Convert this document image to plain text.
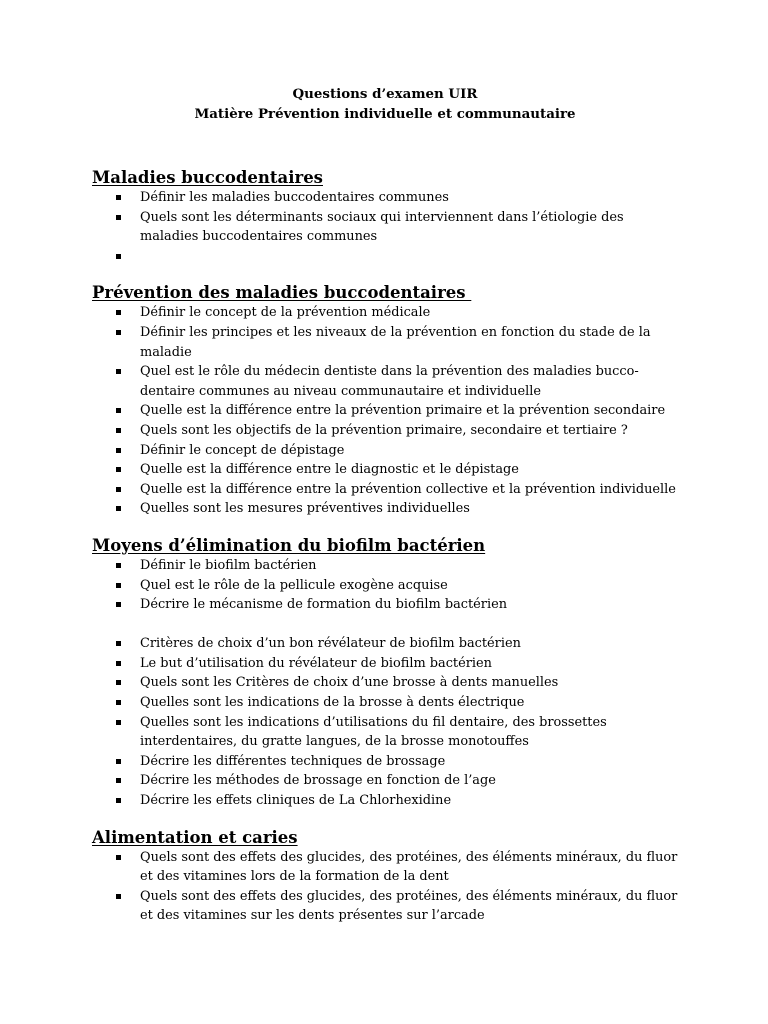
Questions d’examen UIR
Matière Prévention individuelle et communautaire
Maladies buccodentaires
Définir les maladies buccodentaires communes
Quels sont les déterminants sociaux qui interviennent dans l’étiologie des
maladies buccodentaires communes

Prévention des maladies buccodentaires
Définir le concept de la prévention médicale
Définir les principes et les niveaux de la prévention en fonction du stade de la
maladie
Quel est le rôle du médecin dentiste dans la prévention des maladies bucco-
dentaire communes au niveau communautaire et individuelle
Quelle est la différence entre la prévention primaire et la prévention secondaire
Quels sont les objectifs de la prévention primaire, secondaire et tertiaire ?
Définir le concept de dépistage
Quelle est la différence entre le diagnostic et le dépistage
Quelle est la différence entre la prévention collective et la prévention individuelle
Quelles sont les mesures préventives individuelles
Moyens d’élimination du biofilm bactérien
Définir le biofilm bactérien
Quel est le rôle de la pellicule exogène acquise
Décrire le mécanisme de formation du biofilm bactérien
Critères de choix d’un bon révélateur de biofilm bactérien
Le but d’utilisation du révélateur de biofilm bactérien
Quels sont les Critères de choix d’une brosse à dents manuelles
Quelles sont les indications de la brosse à dents électrique
Quelles sont les indications d’utilisations du fil dentaire, des brossettes
interdentaires, du gratte langues, de la brosse monotouffes
Décrire les différentes techniques de brossage
Décrire les méthodes de brossage en fonction de l’age
Décrire les effets cliniques de La Chlorhexidine
Alimentation et caries
Quels sont des effets des glucides, des protéines, des éléments minéraux, du fluor
et des vitamines lors de la formation de la dent
Quels sont des effets des glucides, des protéines, des éléments minéraux, du fluor
et des vitamines sur les dents présentes sur l’arcade
